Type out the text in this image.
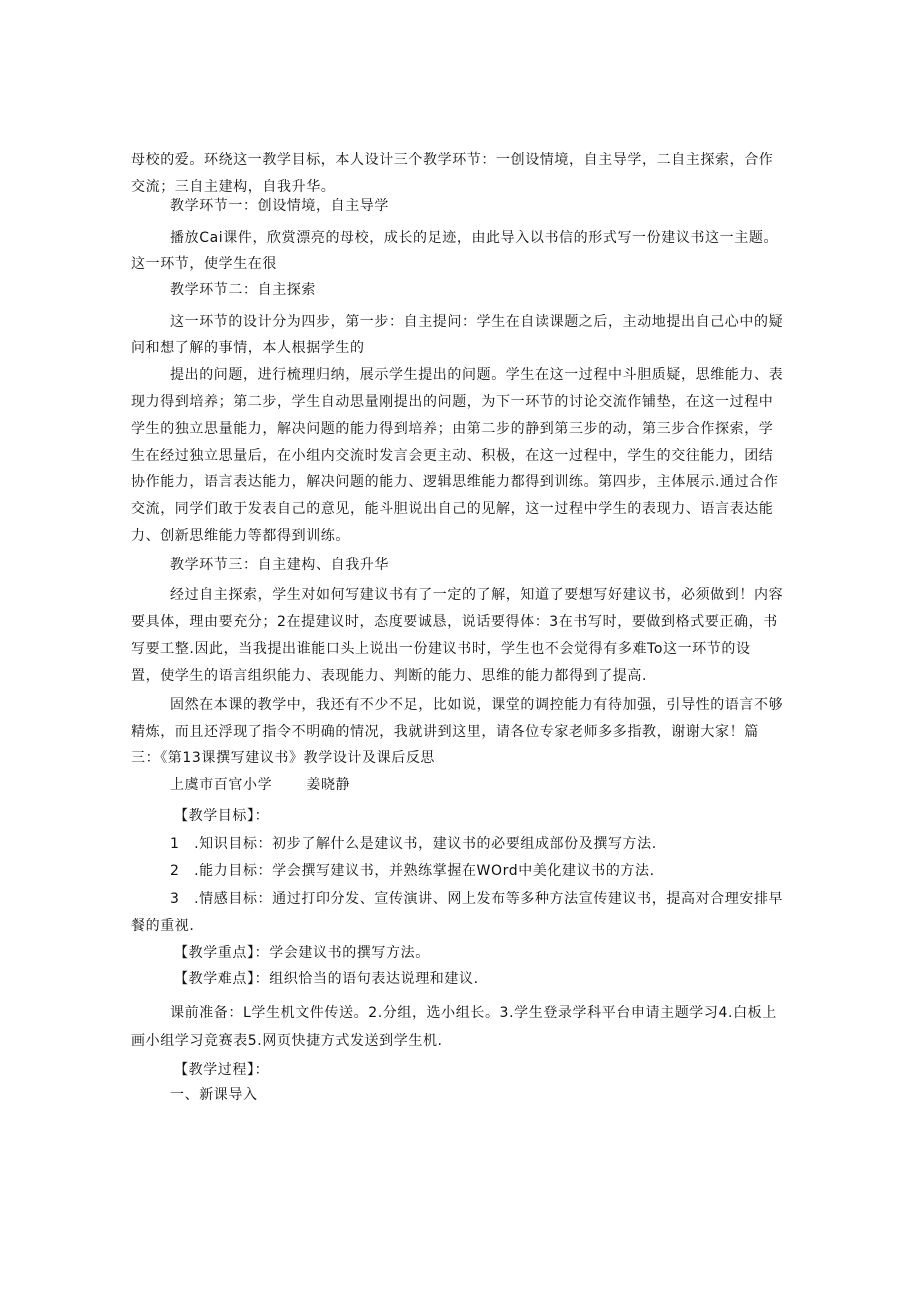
母校的爱。环绕这一教学目标，本人设计三个教学环节：一创设情境，自主导学，二自主探索，合作

交流；三自主建构，自我升华。

教学环节一：创设情境，自主导学

播放Cai课件，欣赏漂亮的母校，成长的足迹，由此导入以书信的形式写一份建议书这一主题。

这一环节，使学生在很

教学环节二：自主探索

这一环节的设计分为四步，第一步：自主提问：学生在自读课题之后，主动地提出自己心中的疑

问和想了解的事情，本人根据学生的

提出的问题，进行梳理归纳，展示学生提出的问题。学生在这一过程中斗胆质疑，思维能力、表

现力得到培养；第二步，学生自动思量刚提出的问题，为下一环节的讨论交流作铺垫，在这一过程中

学生的独立思量能力，解决问题的能力得到培养；由第二步的静到第三步的动，第三步合作探索，学

生在经过独立思量后，在小组内交流时发言会更主动、积极，在这一过程中，学生的交往能力，团结

协作能力，语言表达能力，解决问题的能力、逻辑思维能力都得到训练。第四步，主体展示.通过合作

交流，同学们敢于发表自己的意见，能斗胆说出自己的见解，这一过程中学生的表现力、语言表达能

力、创新思维能力等都得到训练。

教学环节三：自主建构、自我升华

经过自主探索，学生对如何写建议书有了一定的了解，知道了要想写好建议书，必须做到！内容

要具体，理由要充分；2在提建议时，态度要诚恳，说话要得体：3在书写时，要做到格式要正确，书

写要工整.因此，当我提出谁能口头上说出一份建议书时，学生也不会觉得有多难To这一环节的设

置，使学生的语言组织能力、表现能力、判断的能力、思维的能力都得到了提高.

固然在本课的教学中，我还有不少不足，比如说，课堂的调控能力有待加强，引导性的语言不够

精炼，而且还浮现了指令不明确的情况，我就讲到这里，请各位专家老师多多指教，谢谢大家！篇

三：《第13课撰写建议书》教学设计及课后反思

上虞市百官小学　　 姜晓静

【教学目标】：

1　.知识目标：初步了解什么是建议书，建议书的必要组成部份及撰写方法.

2　.能力目标：学会撰写建议书，并熟练掌握在WOrd中美化建议书的方法.

3　.情感目标：通过打印分发、宣传演讲、网上发布等多种方法宣传建议书，提高对合理安排早

餐的重视.

【教学重点】：学会建议书的撰写方法。

【教学难点】：组织恰当的语句表达说理和建议.

课前准备：L学生机文件传送。2.分组，选小组长。3.学生登录学科平台申请主题学习4.白板上

画小组学习竞赛表5.网页快捷方式发送到学生机.

【教学过程】：

一、新课导入
